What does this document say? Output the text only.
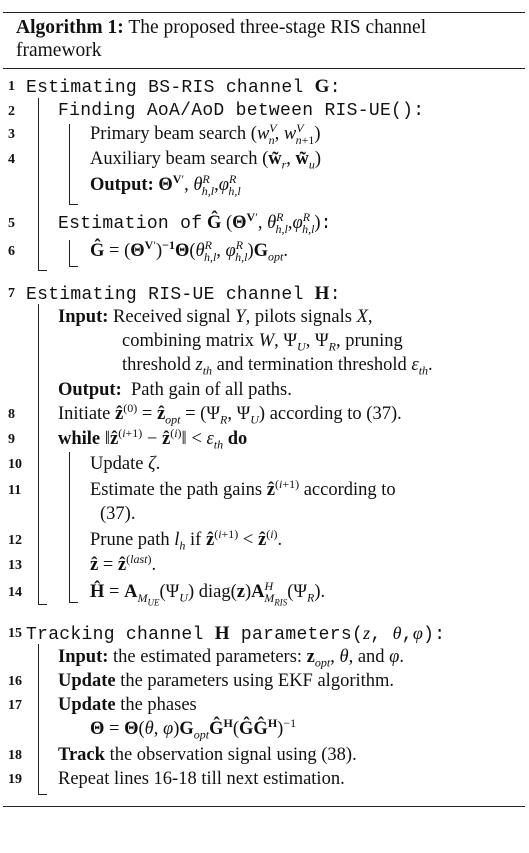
Algorithm 1: The proposed three-stage RIS channel framework
1 Estimating BS-RIS channel G:
2	Finding AoA/AoD between RIS-UE():
3	Primary beam search ($w^V_n$, $w^V_{n+1}$)
4	Auxiliary beam search ($w̃_r$, $w̃_u$)
Output: $\Theta^{V'}$, $\theta^R_{h,l},\varphi^R_{h,l}$
5	Estimation of Ĝ ($\Theta^{V'}$, $\theta^R_{h,l},\varphi^R_{h,l}$):
6	Ĝ = $(\Theta^{V'})^{-1}\Theta(\theta^R_{h,l}$, $\varphi^R_{h,l})G_{opt}$.
7 Estimating RIS-UE channel H:
Input: Received signal Y, pilots signals X,
combining matrix W, $\Psi_U$, $\Psi_R$, pruning
threshold $z_{th}$ and termination threshold $\varepsilon_{th}$.
Output:  Path gain of all paths.
8	Initiate ẑ$^{(0)}$ = ẑ$_{opt}$ = ($\Psi_R$, $\Psi_U$) according to (37).
9	while ‖ẑ$^{(i+1)}$ − ẑ$^{(i)}$‖ < $\varepsilon_{th}$ do
10	Update ζ.
11	Estimate the path gains ẑ$^{(i+1)}$ according to
(37).
12	Prune path $l_h$ if ẑ$^{(i+1)}$ < ẑ$^{(i)}$.
13	ẑ = ẑ$^{(last)}$.
14	Ĥ = $A_{M_{UE}}(\Psi_U)$ $diag(z)A^H_{M_{RIS}}(\Psi_R)$.
15 Tracking channel H parameters(z, θ,φ):
Input: the estimated parameters: $z_{opt}$, θ, and φ.
16	Update the parameters using EKF algorithm.
17	Update the phases
Θ = Θ(θ, $\varphi)G_{opt}Ĝ^H(ĜĜ^H)^{-1}$
18	Track the observation signal using (38).
19	Repeat lines 16-18 till next estimation.
